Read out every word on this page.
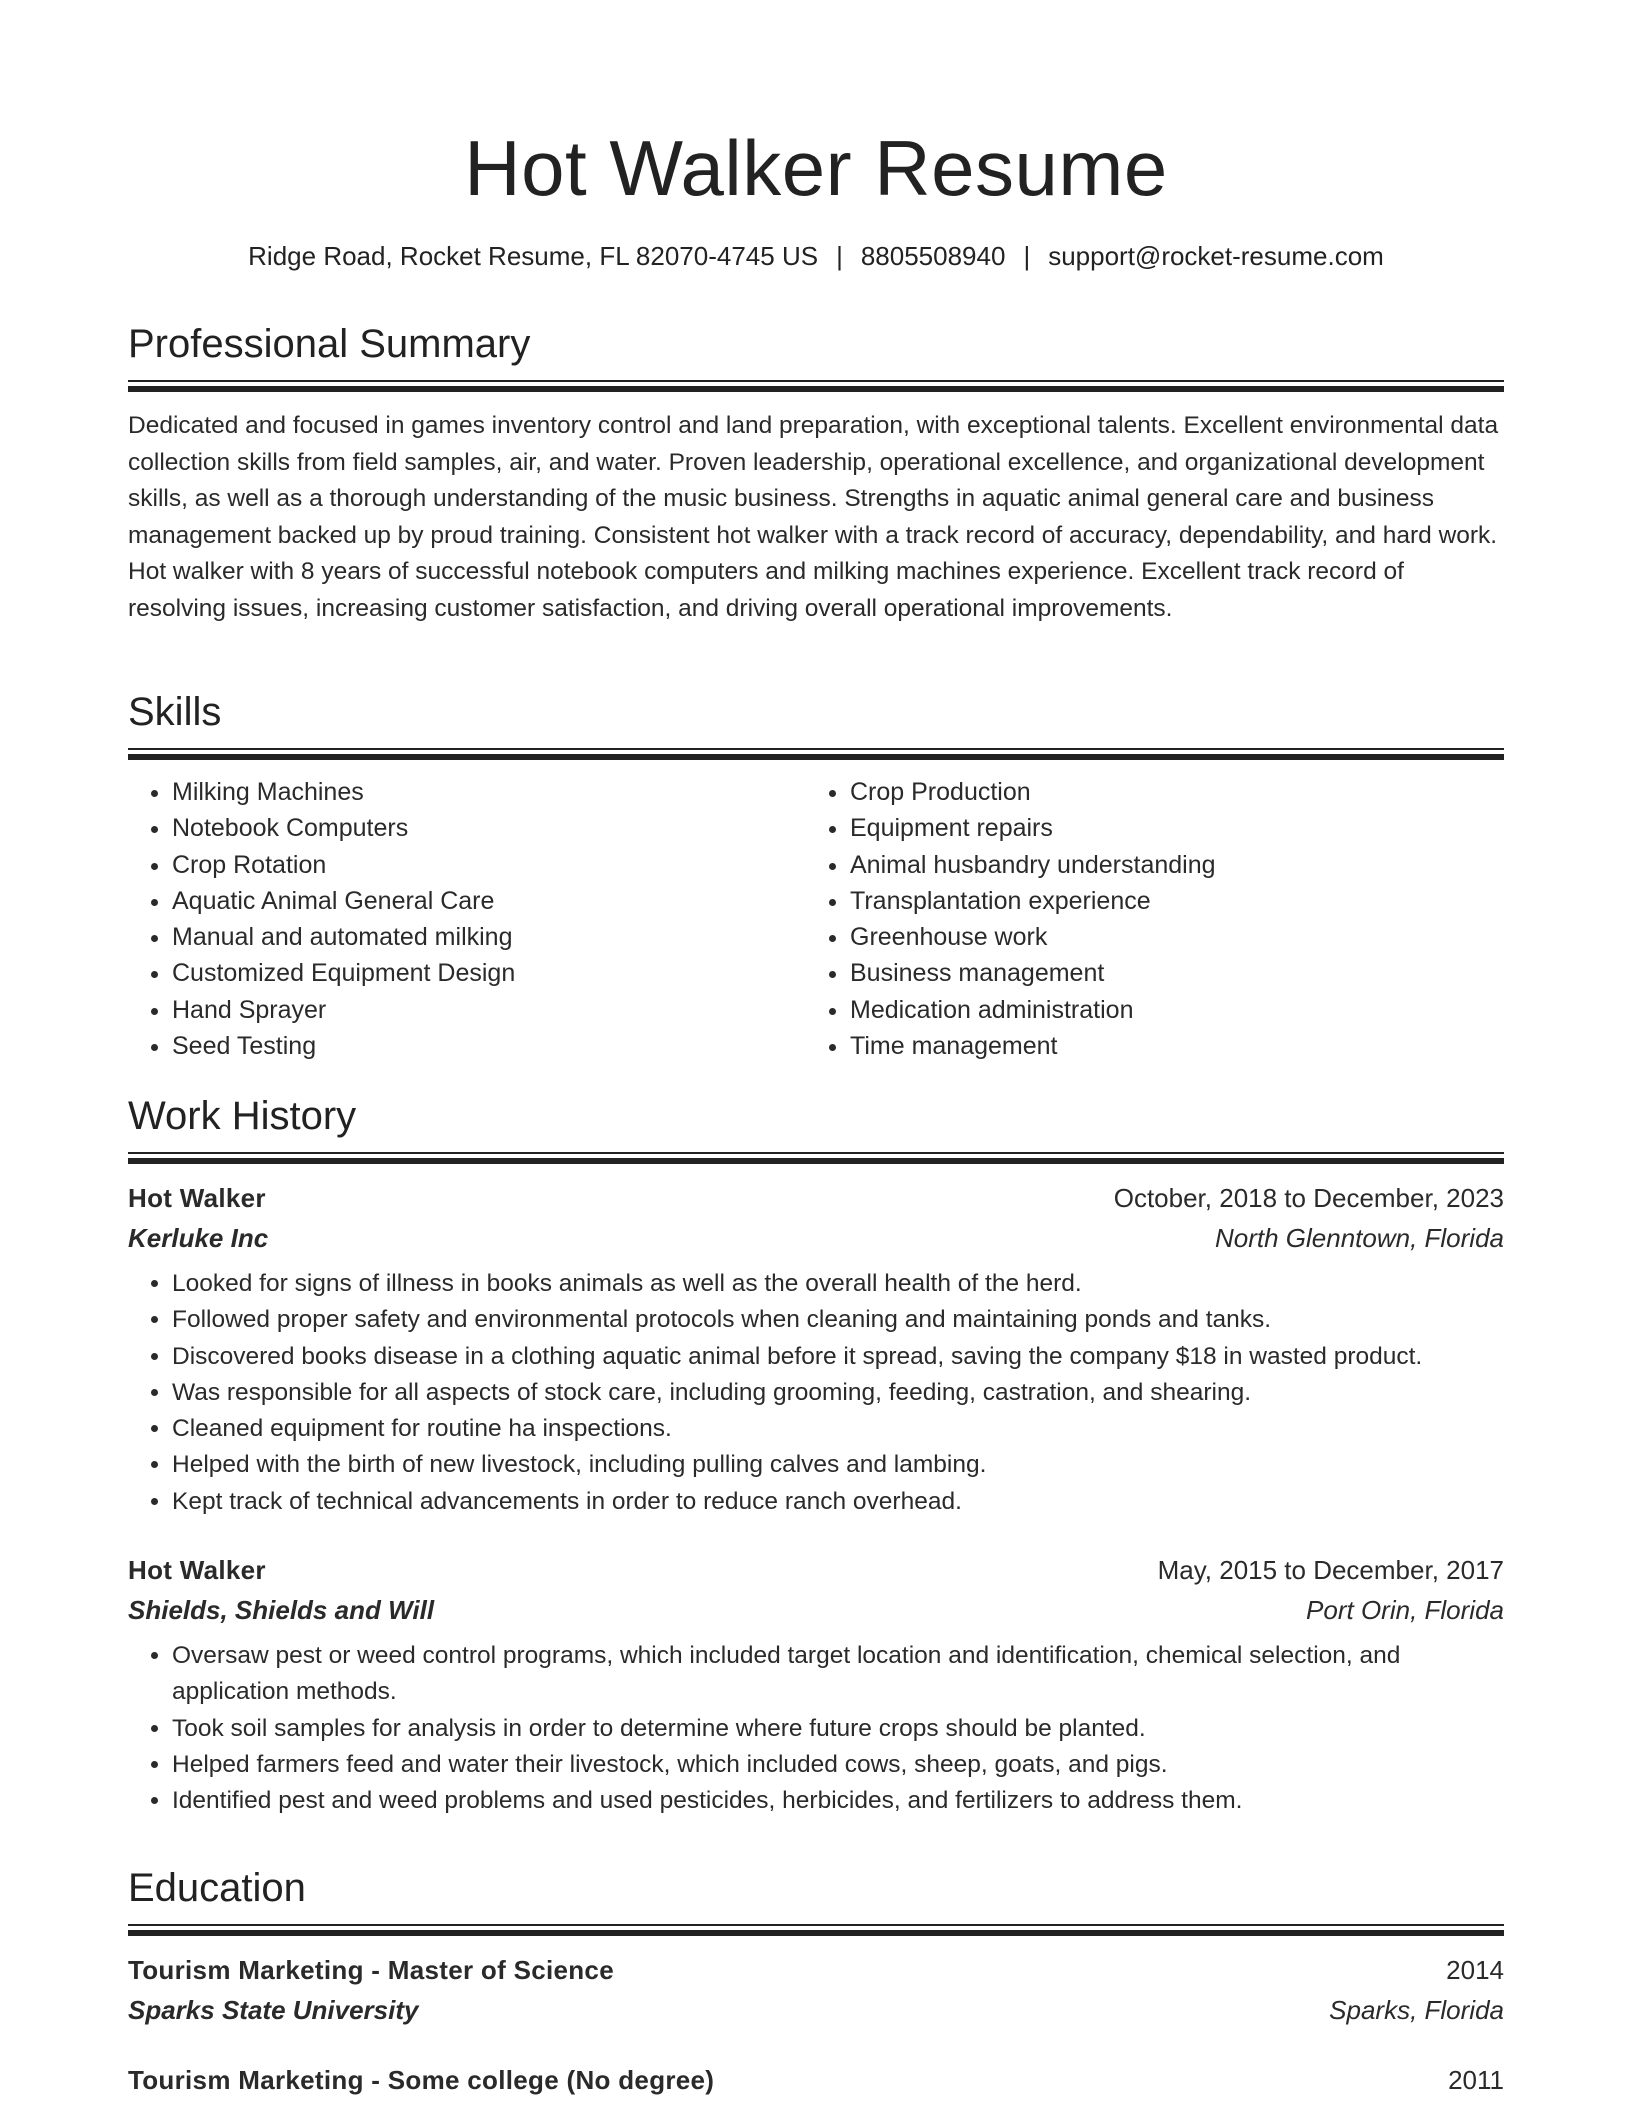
Hot Walker Resume
Ridge Road, Rocket Resume, FL 82070-4745 US | 8805508940 | support@rocket-resume.com
Professional Summary
Dedicated and focused in games inventory control and land preparation, with exceptional talents. Excellent environmental data collection skills from field samples, air, and water. Proven leadership, operational excellence, and organizational development skills, as well as a thorough understanding of the music business. Strengths in aquatic animal general care and business management backed up by proud training. Consistent hot walker with a track record of accuracy, dependability, and hard work. Hot walker with 8 years of successful notebook computers and milking machines experience. Excellent track record of resolving issues, increasing customer satisfaction, and driving overall operational improvements.
Skills
• Milking Machines
• Notebook Computers
• Crop Rotation
• Aquatic Animal General Care
• Manual and automated milking
• Customized Equipment Design
• Hand Sprayer
• Seed Testing
• Crop Production
• Equipment repairs
• Animal husbandry understanding
• Transplantation experience
• Greenhouse work
• Business management
• Medication administration
• Time management
Work History
Hot Walker	October, 2018 to December, 2023
Kerluke Inc	North Glenntown, Florida
• Looked for signs of illness in books animals as well as the overall health of the herd.
• Followed proper safety and environmental protocols when cleaning and maintaining ponds and tanks.
• Discovered books disease in a clothing aquatic animal before it spread, saving the company $18 in wasted product.
• Was responsible for all aspects of stock care, including grooming, feeding, castration, and shearing.
• Cleaned equipment for routine ha inspections.
• Helped with the birth of new livestock, including pulling calves and lambing.
• Kept track of technical advancements in order to reduce ranch overhead.
Hot Walker	May, 2015 to December, 2017
Shields, Shields and Will	Port Orin, Florida
• Oversaw pest or weed control programs, which included target location and identification, chemical selection, and application methods.
• Took soil samples for analysis in order to determine where future crops should be planted.
• Helped farmers feed and water their livestock, which included cows, sheep, goats, and pigs.
• Identified pest and weed problems and used pesticides, herbicides, and fertilizers to address them.
Education
Tourism Marketing - Master of Science	2014
Sparks State University	Sparks, Florida
Tourism Marketing - Some college (No degree)	2011
